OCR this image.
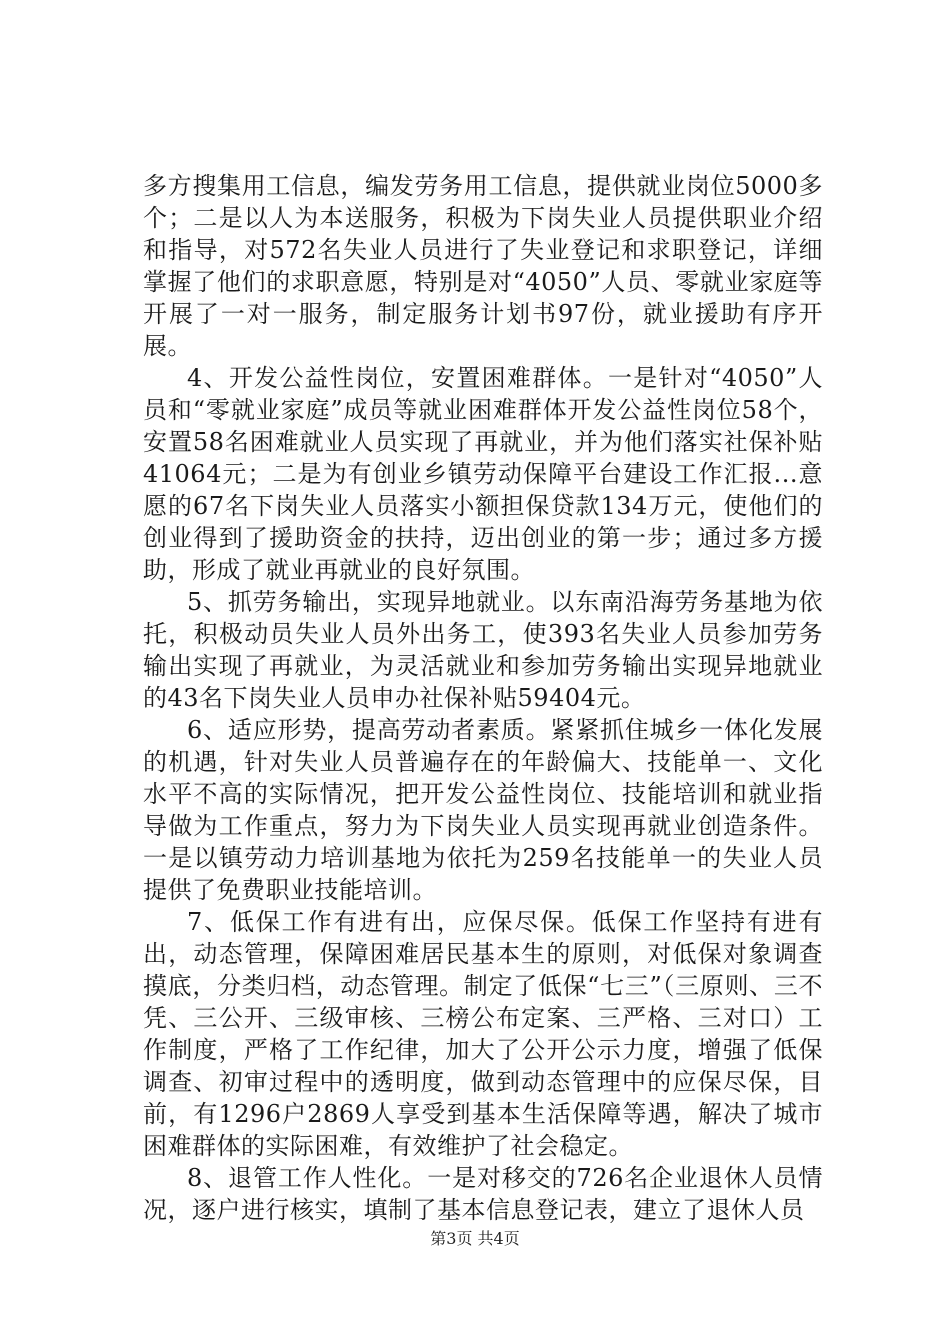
多方搜集用工信息，编发劳务用工信息，提供就业岗位5000多个；二是以人为本送服务，积极为下岗失业人员提供职业介绍和指导，对572名失业人员进行了失业登记和求职登记，详细掌握了他们的求职意愿，特别是对“4050”人员、零就业家庭等开展了一对一服务，制定服务计划书97份，就业援助有序开展。

4、开发公益性岗位，安置困难群体。一是针对“4050”人员和“零就业家庭”成员等就业困难群体开发公益性岗位58个，安置58名困难就业人员实现了再就业，并为他们落实社保补贴41064元；二是为有创业乡镇劳动保障平台建设工作汇报...意愿的67名下岗失业人员落实小额担保贷款134万元，使他们的创业得到了援助资金的扶持，迈出创业的第一步；通过多方援助，形成了就业再就业的良好氛围。

5、抓劳务输出，实现异地就业。以东南沿海劳务基地为依托，积极动员失业人员外出务工，使393名失业人员参加劳务输出实现了再就业，为灵活就业和参加劳务输出实现异地就业的43名下岗失业人员申办社保补贴59404元。

6、适应形势，提高劳动者素质。紧紧抓住城乡一体化发展的机遇，针对失业人员普遍存在的年龄偏大、技能单一、文化水平不高的实际情况，把开发公益性岗位、技能培训和就业指导做为工作重点，努力为下岗失业人员实现再就业创造条件。一是以镇劳动力培训基地为依托为259名技能单一的失业人员提供了免费职业技能培训。

7、低保工作有进有出，应保尽保。低保工作坚持有进有出，动态管理，保障困难居民基本生的原则，对低保对象调查摸底，分类归档，动态管理。制定了低保“七三”（三原则、三不凭、三公开、三级审核、三榜公布定案、三严格、三对口）工作制度，严格了工作纪律，加大了公开公示力度，增强了低保调查、初审过程中的透明度，做到动态管理中的应保尽保，目前，有1296户2869人享受到基本生活保障等遇，解决了城市困难群体的实际困难，有效维护了社会稳定。

8、退管工作人性化。一是对移交的726名企业退休人员情况，逐户进行核实，填制了基本信息登记表，建立了退休人员

第3页 共4页
